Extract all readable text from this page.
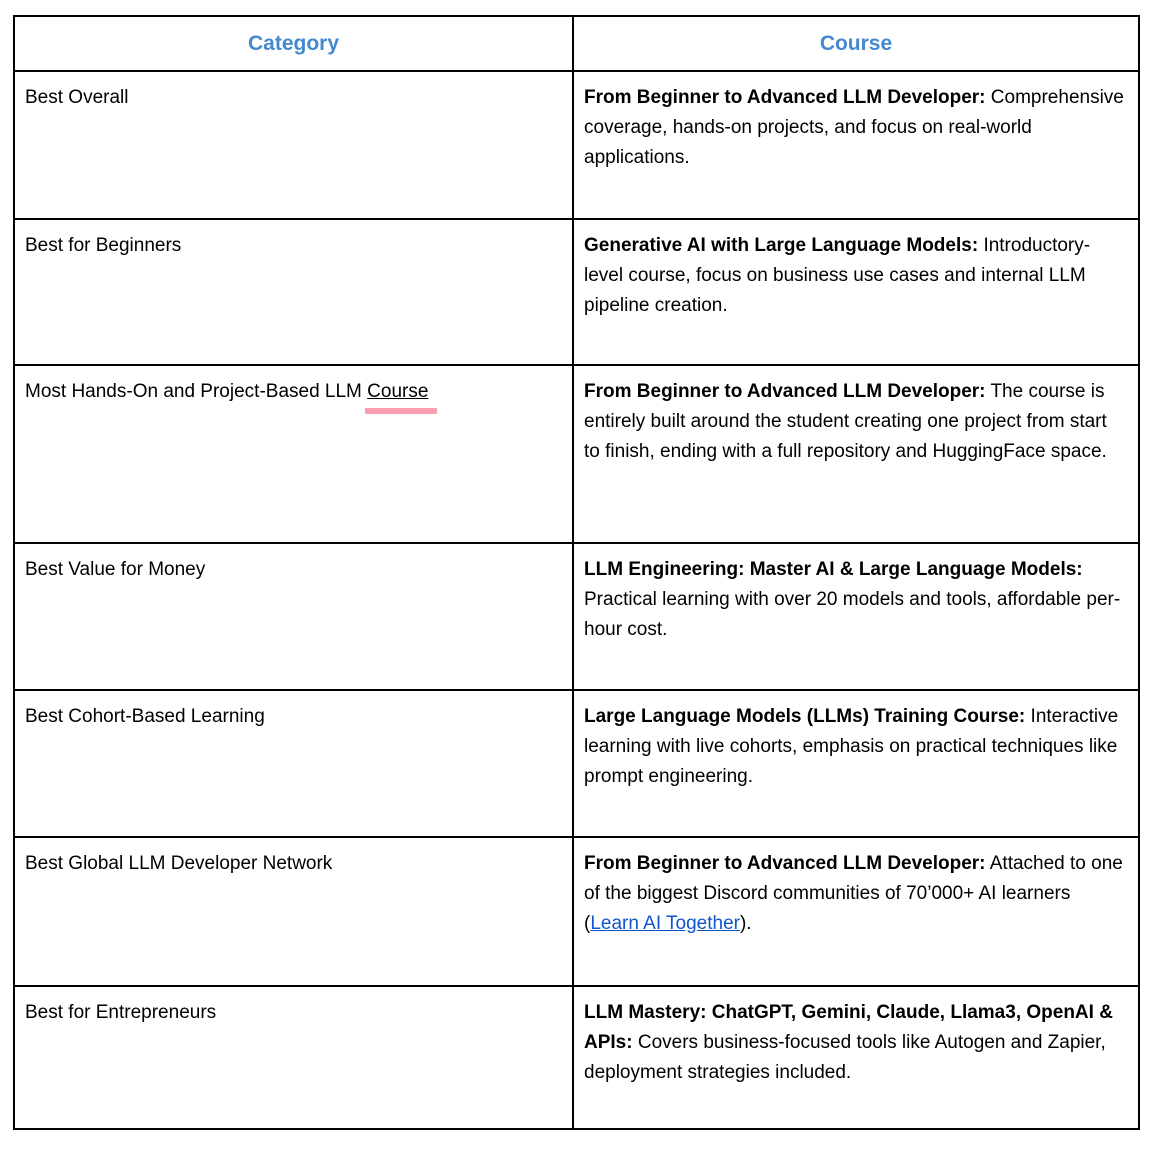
Category	Course
Best Overall	From Beginner to Advanced LLM Developer: Comprehensive coverage, hands-on projects, and focus on real-world applications.
Best for Beginners	Generative AI with Large Language Models: Introductory-level course, focus on business use cases and internal LLM pipeline creation.
Most Hands-On and Project-Based LLM Course	From Beginner to Advanced LLM Developer: The course is entirely built around the student creating one project from start to finish, ending with a full repository and HuggingFace space.
Best Value for Money	LLM Engineering: Master AI & Large Language Models: Practical learning with over 20 models and tools, affordable per-hour cost.
Best Cohort-Based Learning	Large Language Models (LLMs) Training Course: Interactive learning with live cohorts, emphasis on practical techniques like prompt engineering.
Best Global LLM Developer Network	From Beginner to Advanced LLM Developer: Attached to one of the biggest Discord communities of 70’000+ AI learners (Learn AI Together).
Best for Entrepreneurs	LLM Mastery: ChatGPT, Gemini, Claude, Llama3, OpenAI & APIs: Covers business-focused tools like Autogen and Zapier, deployment strategies included.
